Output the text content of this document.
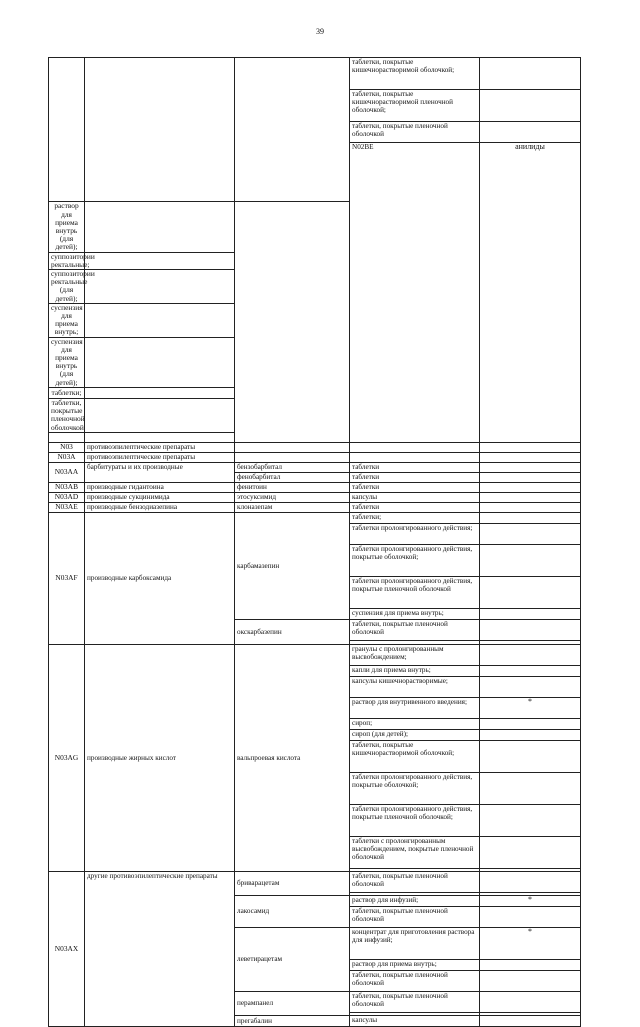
39
			таблетки, покрытые кишечнорастворимой оболочкой;		
			таблетки, покрытые кишечнорастворимой пленочной оболочкой;		
			таблетки, покрытые пленочной оболочкой		
			N02BE	анилиды			

раствор для приема внутрь (для детей);					
суппозитории ректальные;					
суппозитории ректальные (для детей);					
суспензия для приема внутрь;					
суспензия для приема внутрь (для детей);					
таблетки;					
таблетки, покрытые пленочной оболочкой					

N03	противоэпилептические препараты				
N03A	противоэпилептические препараты				
N03AA	барбитураты и их производные	бензобарбитал	таблетки		
		фенобарбитал	таблетки		
N03AB	производные гидантоина	фенитоин	таблетки		
N03AD	производные сукцинимида	этосуксимид	капсулы		
N03AE	производные бензодиазепина	клоназепам	таблетки		
N03AF	производные карбоксамида	карбамазепин	таблетки;		
			таблетки пролонгированного действия;		
			таблетки пролонгированного действия, покрытые оболочкой;		
			таблетки пролонгированного действия, покрытые пленочной оболочкой		
			суспензия для приема внутрь;		
		окскарбазепин	таблетки, покрытые пленочной оболочкой		

N03AG	производные жирных кислот	вальпроевая кислота	гранулы с пролонгированным высвобождением;		
			капли для приема внутрь;		
			капсулы кишечнорастворимые;		
			раствор для внутривенного введения;	*	
			сироп;		
			сироп (для детей);		
			таблетки, покрытые кишечнорастворимой оболочкой;		
			таблетки пролонгированного действия, покрытые оболочкой;		
			таблетки пролонгированного действия, покрытые пленочной оболочкой;		
			таблетки с пролонгированным высвобождением, покрытые пленочной оболочкой		

N03AX	другие противоэпилептические препараты	бриварацетам	таблетки, покрытые пленочной оболочкой		

		лакосамид	раствор для инфузий;	*	
			таблетки, покрытые пленочной оболочкой		
		леветирацетам	концентрат для приготовления раствора для инфузий;	*	
			раствор для приема внутрь;		
			таблетки, покрытые пленочной оболочкой		
		перампанел	таблетки, покрытые пленочной оболочкой		

		прегабалин	капсулы		
